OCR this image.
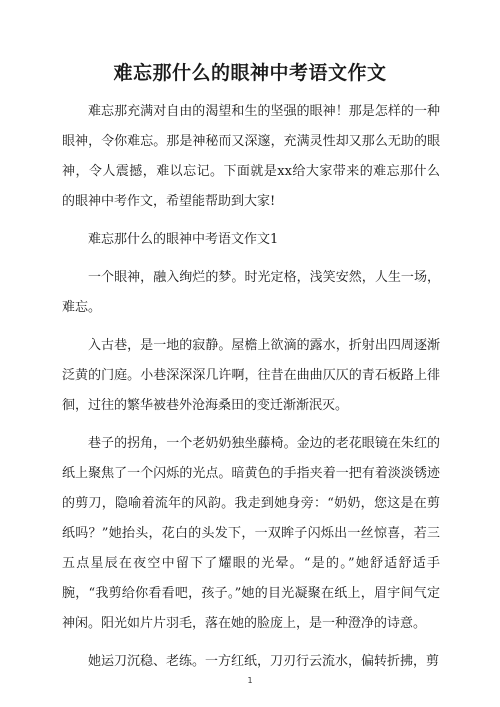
难忘那什么的眼神中考语文作文

难忘那充满对自由的渴望和生的坚强的眼神！那是怎样的一种眼神，令你难忘。那是神秘而又深邃，充满灵性却又那么无助的眼神，令人震撼，难以忘记。下面就是xx给大家带来的难忘那什么的眼神中考作文，希望能帮助到大家!

难忘那什么的眼神中考语文作文1

一个眼神，融入绚烂的梦。时光定格，浅笑安然，人生一场，难忘。

入古巷，是一地的寂静。屋檐上欲滴的露水，折射出四周逐渐泛黄的门庭。小巷深深深几许啊，往昔在曲曲仄仄的青石板路上徘徊，过往的繁华被巷外沧海桑田的变迁渐渐泯灭。

巷子的拐角，一个老奶奶独坐藤椅。金边的老花眼镜在朱红的纸上聚焦了一个闪烁的光点。暗黄色的手指夹着一把有着淡淡锈迹的剪刀，隐喻着流年的风韵。我走到她身旁：“奶奶，您这是在剪纸吗？”她抬头，花白的头发下，一双眸子闪烁出一丝惊喜，若三五点星辰在夜空中留下了耀眼的光晕。“是的。”她舒适舒适手腕，“我剪给你看看吧，孩子。”她的目光凝聚在纸上，眉宇间气定神闲。阳光如片片羽毛，落在她的脸庞上，是一种澄净的诗意。

她运刀沉稳、老练。一方红纸，刀刃行云流水，偏转折拂，剪

1
